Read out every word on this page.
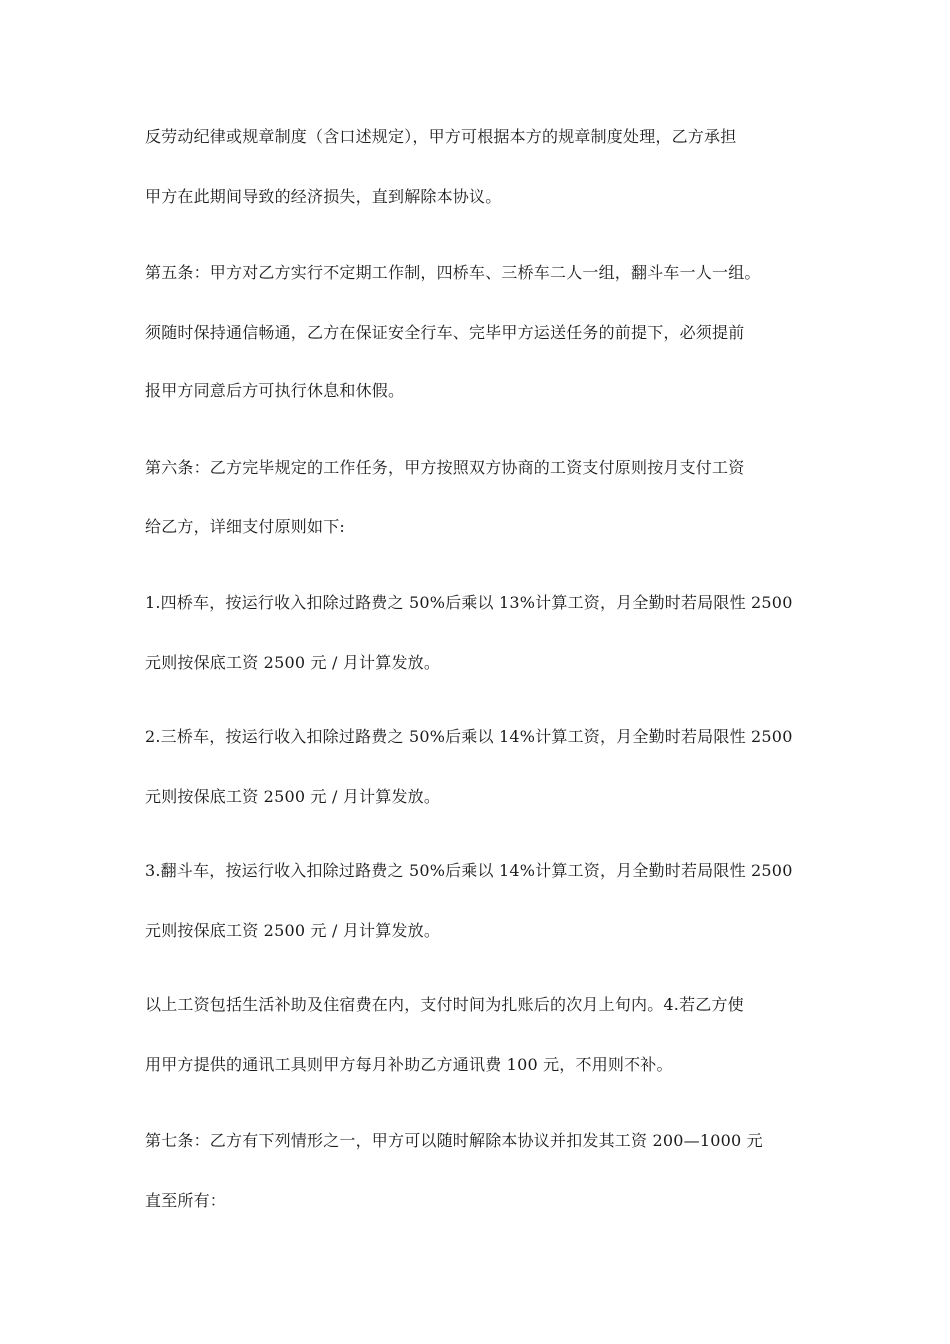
反劳动纪律或规章制度（含口述规定），甲方可根据本方的规章制度处理，乙方承担

甲方在此期间导致的经济损失，直到解除本协议。

第五条：甲方对乙方实行不定期工作制，四桥车、三桥车二人一组，翻斗车一人一组。

须随时保持通信畅通，乙方在保证安全行车、完毕甲方运送任务的前提下，必须提前

报甲方同意后方可执行休息和休假。

第六条：乙方完毕规定的工作任务，甲方按照双方协商的工资支付原则按月支付工资

给乙方，详细支付原则如下:

1.四桥车，按运行收入扣除过路费之 50%后乘以 13%计算工资，月全勤时若局限性 2500

元则按保底工资 2500 元 / 月计算发放。

2.三桥车，按运行收入扣除过路费之 50%后乘以 14%计算工资，月全勤时若局限性 2500

元则按保底工资 2500 元 / 月计算发放。

3.翻斗车，按运行收入扣除过路费之 50%后乘以 14%计算工资，月全勤时若局限性 2500

元则按保底工资 2500 元 / 月计算发放。

以上工资包括生活补助及住宿费在内，支付时间为扎账后的次月上旬内。4.若乙方使

用甲方提供的通讯工具则甲方每月补助乙方通讯费 100 元，不用则不补。

第七条：乙方有下列情形之一，甲方可以随时解除本协议并扣发其工资 200—1000 元

直至所有：
